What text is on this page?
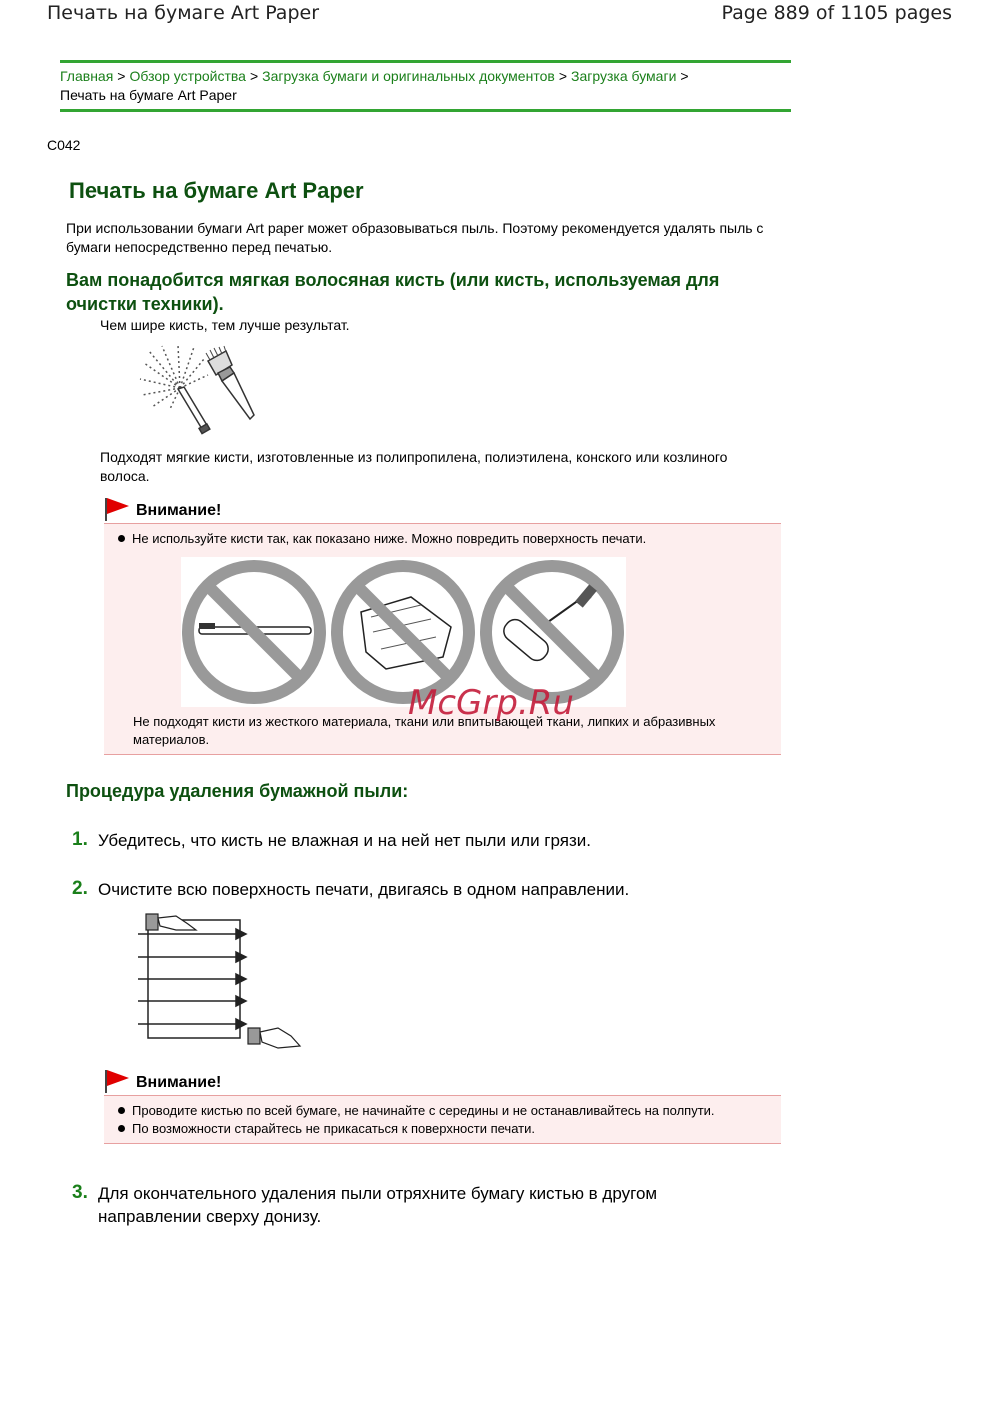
Печать на бумаге Art Paper	Page 889 of 1105 pages
Главная > Обзор устройства > Загрузка бумаги и оригинальных документов > Загрузка бумаги >
Печать на бумаге Art Paper
C042
Печать на бумаге Art Paper
При использовании бумаги Art paper может образовываться пыль. Поэтому рекомендуется удалять пыль с бумаги непосредственно перед печатью.
Вам понадобится мягкая волосяная кисть (или кисть, используемая для очистки техники).
Чем шире кисть, тем лучше результат.
Подходят мягкие кисти, изготовленные из полипропилена, полиэтилена, конского или козлиного волоса.
Внимание!
Не используйте кисти так, как показано ниже. Можно повредить поверхность печати.
Не подходят кисти из жесткого материала, ткани или впитывающей ткани, липких и абразивных материалов.
McGrp.Ru
Процедура удаления бумажной пыли:
1. Убедитесь, что кисть не влажная и на ней нет пыли или грязи.
2. Очистите всю поверхность печати, двигаясь в одном направлении.
Внимание!
Проводите кистью по всей бумаге, не начинайте с середины и не останавливайтесь на полпути.
По возможности старайтесь не прикасаться к поверхности печати.
3. Для окончательного удаления пыли отряхните бумагу кистью в другом направлении сверху донизу.
